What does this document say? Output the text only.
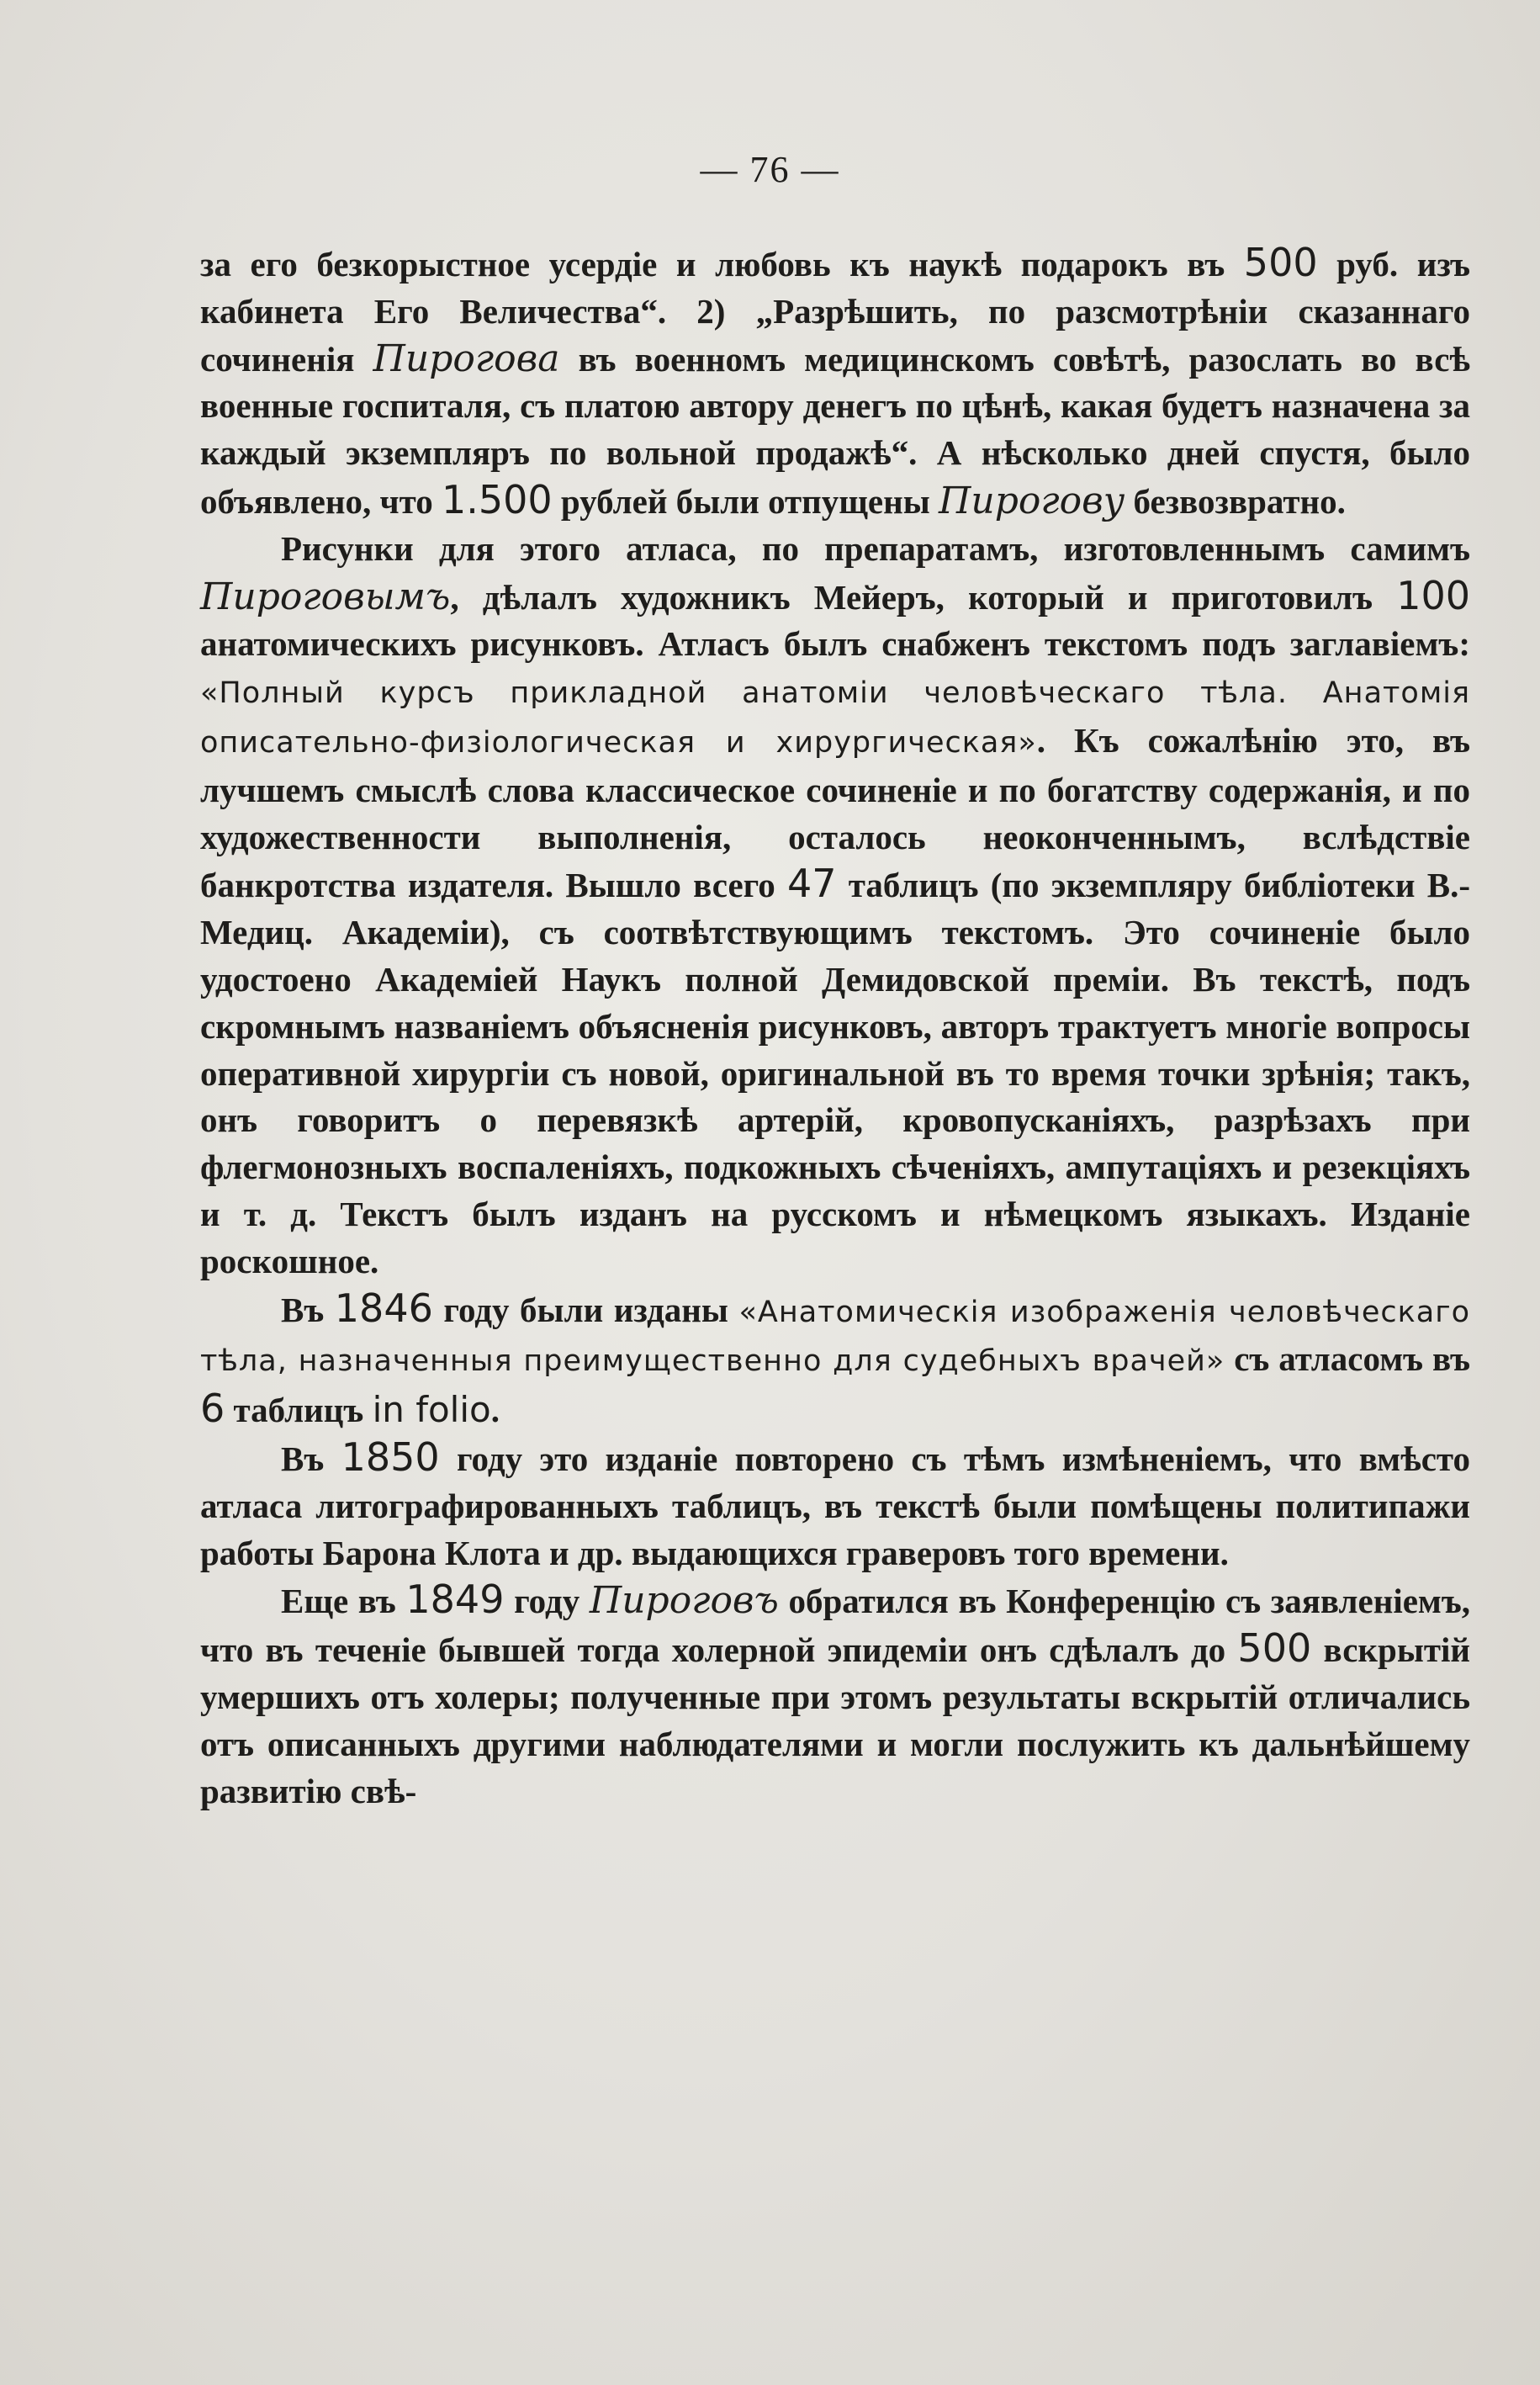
— 76 —

за его безкорыстное усердіе и любовь къ наукѣ подарокъ въ 500 руб. изъ кабинета Его Величества“. 2) „Разрѣшить, по разсмотрѣніи сказаннаго сочиненія Пирогова въ военномъ медицинскомъ совѣтѣ, разослать во всѣ военные госпиталя, съ платою автору денегъ по цѣнѣ, какая будетъ назначена за каждый экземпляръ по вольной продажѣ“. А нѣсколько дней спустя, было объявлено, что 1.500 рублей были отпущены Пирогову безвозвратно.

Рисунки для этого атласа, по препаратамъ, изготовленнымъ самимъ Пироговымъ, дѣлалъ художникъ Мейеръ, который и приготовилъ 100 анатомическихъ рисунковъ. Атласъ былъ снабженъ текстомъ подъ заглавіемъ: «Полный курсъ прикладной анатоміи человѣческаго тѣла. Анатомія описательно-физіологическая и хирургическая». Къ сожалѣнію это, въ лучшемъ смыслѣ слова классическое сочиненіе и по богатству содержанія, и по художественности выполненія, осталось неоконченнымъ, вслѣдствіе банкротства издателя. Вышло всего 47 таблицъ (по экземпляру библіотеки В.-Медиц. Академіи), съ соотвѣтствующимъ текстомъ. Это сочиненіе было удостоено Академіей Наукъ полной Демидовской преміи. Въ текстѣ, подъ скромнымъ названіемъ объясненія рисунковъ, авторъ трактуетъ многіе вопросы оперативной хирургіи съ новой, оригинальной въ то время точки зрѣнія; такъ, онъ говоритъ о перевязкѣ артерій, кровопусканіяхъ, разрѣзахъ при флегмонозныхъ воспаленіяхъ, подкожныхъ сѣченіяхъ, ампутаціяхъ и резекціяхъ и т. д. Текстъ былъ изданъ на русскомъ и нѣмецкомъ языкахъ. Изданіе роскошное.

Въ 1846 году были изданы «Анатомическія изображенія человѣческаго тѣла, назначенныя преимущественно для судебныхъ врачей» съ атласомъ въ 6 таблицъ in folio.

Въ 1850 году это изданіе повторено съ тѣмъ измѣненіемъ, что вмѣсто атласа литографированныхъ таблицъ, въ текстѣ были помѣщены политипажи работы Барона Клота и др. выдающихся граверовъ того времени.

Еще въ 1849 году Пироговъ обратился въ Конференцію съ заявленіемъ, что въ теченіе бывшей тогда холерной эпидеміи онъ сдѣлалъ до 500 вскрытій умершихъ отъ холеры; полученные при этомъ результаты вскрытій отличались отъ описанныхъ другими наблюдателями и могли послужить къ дальнѣйшему развитію свѣ-
